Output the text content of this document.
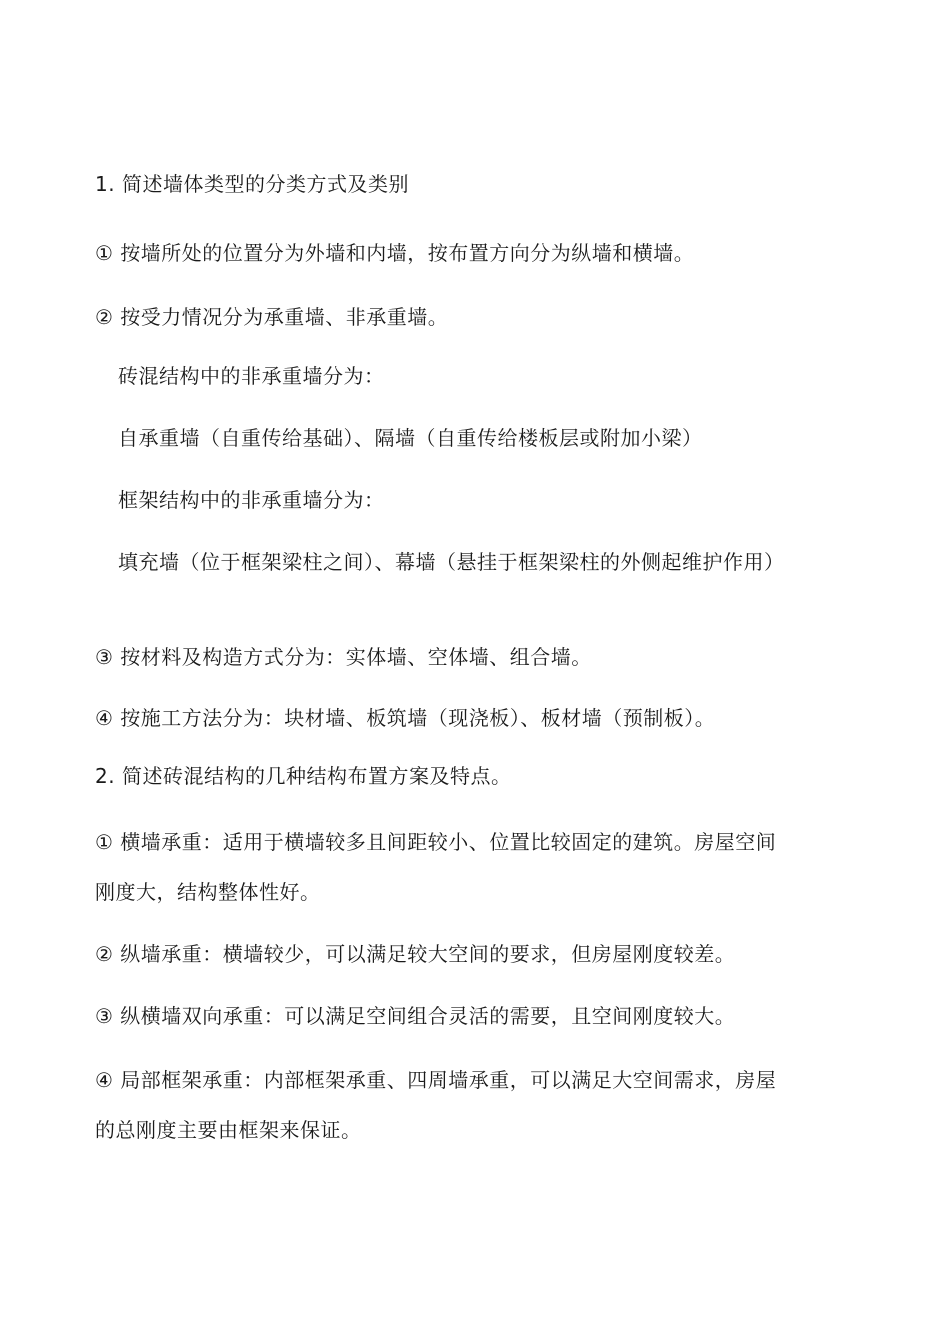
1. 简述墙体类型的分类方式及类别
① 按墙所处的位置分为外墙和内墙，按布置方向分为纵墙和横墙。
② 按受力情况分为承重墙、非承重墙。
砖混结构中的非承重墙分为：
自承重墙（自重传给基础）、隔墙（自重传给楼板层或附加小梁）
框架结构中的非承重墙分为：
填充墙（位于框架梁柱之间）、幕墙（悬挂于框架梁柱的外侧起维护作用）
③ 按材料及构造方式分为：实体墙、空体墙、组合墙。
④ 按施工方法分为：块材墙、板筑墙（现浇板）、板材墙（预制板）。
2. 简述砖混结构的几种结构布置方案及特点。
① 横墙承重：适用于横墙较多且间距较小、位置比较固定的建筑。房屋空间
刚度大，结构整体性好。
② 纵墙承重：横墙较少，可以满足较大空间的要求，但房屋刚度较差。
③ 纵横墙双向承重：可以满足空间组合灵活的需要，且空间刚度较大。
④ 局部框架承重：内部框架承重、四周墙承重，可以满足大空间需求，房屋
的总刚度主要由框架来保证。
